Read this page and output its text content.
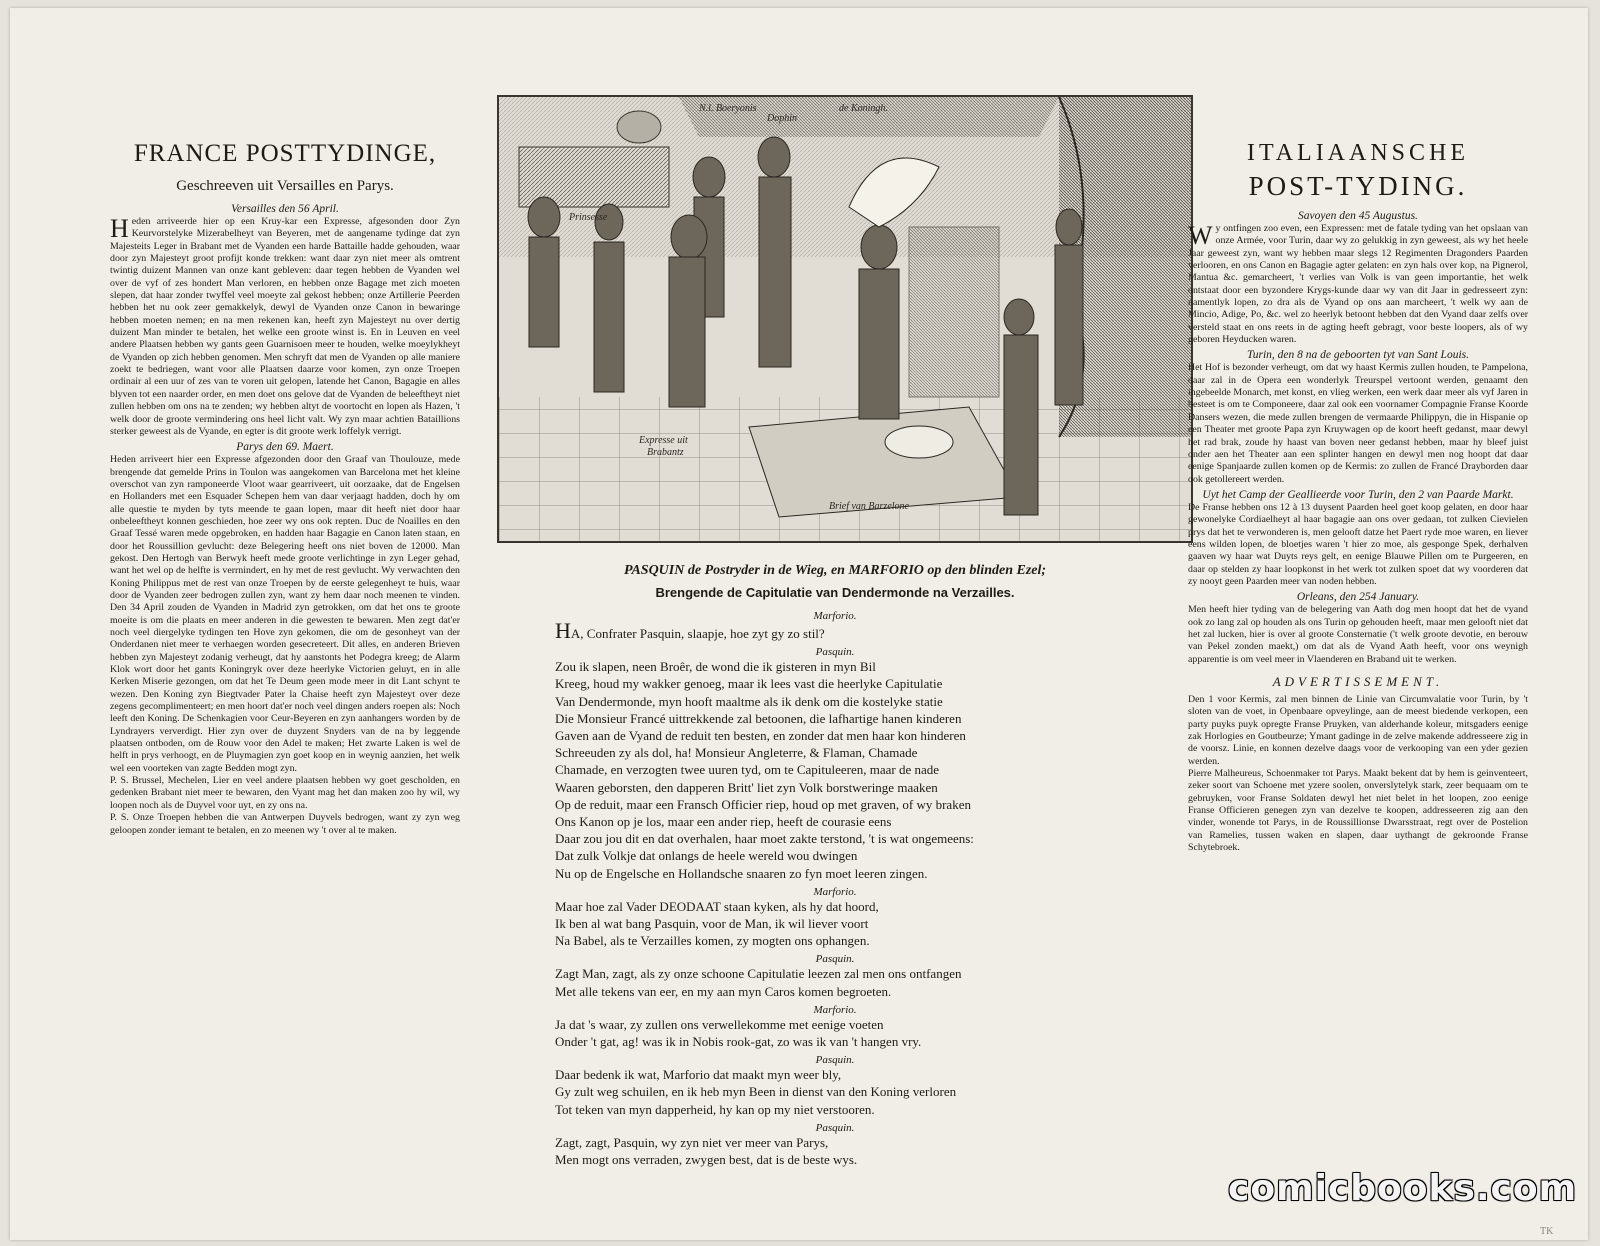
FRANCE POSTTYDINGE,
Geschreeven uit Versailles en Parys.
Versailles den 56 April.

Heden arriveerde hier op een Kruy-kar een Expresse, afgesonden door Zyn Keurvorstelyke Mizerabelheyt van Beyeren, met de aangename tydinge dat zyn Majesteits Leger in Brabant met de Vyanden een harde Battaille hadde gehouden, waar door zyn Majesteyt groot profijt konde trekken: want daar zyn niet meer als omtrent twintig duizent Mannen van onze kant gebleven: daar tegen hebben de Vyanden wel over de vyf of zes hondert Man verloren, en hebben onze Bagage met zich moeten slepen, dat haar zonder twyffel veel moeyte zal gekost hebben; onze Artillerie Peerden hebben het nu ook zeer gemakkelyk, dewyl de Vyanden onze Canon in bewaringe hebben moeten nemen; en na men rekenen kan, heeft zyn Majesteyt nu over dertig duizent Man minder te betalen, het welke een groote winst is. En in Leuven en veel andere Plaatsen hebben wy gants geen Guarnisoen meer te houden, welke moeylykheyt de Vyanden op zich hebben genomen. Men schryft dat men de Vyanden op alle maniere zoekt te bedriegen, want voor alle Plaatsen daarze voor komen, zyn onze Troepen ordinair al een uur of zes van te voren uit gelopen, latende het Canon, Bagagie en alles blyven tot een naarder order, en men doet ons gelove dat de Vyanden de beleeftheyt niet zullen hebben om ons na te zenden; wy hebben altyt de voortocht en lopen als Hazen, 't welk door de groote vermindering ons heel licht valt. Wy zyn maar achtien Bataillions sterker geweest als de Vyande, en egter is dit groote werk loffelyk verrigt.

Parys den 69. Maert.

Heden arriveert hier een Expresse afgezonden door den Graaf van Thoulouze, mede brengende dat gemelde Prins in Toulon was aangekomen van Barcelona met het kleine overschot van zyn ramponeerde Vloot waar gearriveert, uit oorzaake, dat de Engelsen en Hollanders met een Esquader Schepen hem van daar verjaagt hadden, doch hy om alle questie te myden by tyts meende te gaan lopen, maar dit heeft niet door haar onbeleeftheyt konnen geschieden, hoe zeer wy ons ook repten. Duc de Noailles en den Graaf Tessé waren mede opgebroken, en hadden haar Bagagie en Canon laten staan, en door het Roussillion gevlucht: deze Belegering heeft ons niet boven de 12000. Man gekost. Den Hertogh van Berwyk heeft mede groote verlichtinge in zyn Leger gehad, want het wel op de helfte is verrnindert, en hy met de rest gevlucht. Wy verwachten den Koning Philippus met de rest van onze Troepen by de eerste gelegenheyt te huis, waar door de Vyanden zeer bedrogen zullen zyn, want zy hem daar noch meenen te vinden. Den 34 April zouden de Vyanden in Madrid zyn getrokken, om dat het ons te groote moeite is om die plaats en meer anderen in die gewesten te bewaren. Men zegt dat'er noch veel diergelyke tydingen ten Hove zyn gekomen, die om de gesonheyt van der Onderdanen niet meer te verhaegen worden gesecreteert. Dit alles, en anderen Brieven hebben zyn Majesteyt zodanig verheugt, dat hy aanstonts het Podegra kreeg; de Alarm Klok wort door het gants Koningryk over deze heerlyke Victorien geluyt, en in alle Kerken Miserie gezongen, om dat het Te Deum geen mode meer in dit Lant schynt te wezen. Den Koning zyn Biegtvader Pater la Chaise heeft zyn Majesteyt over deze zegens gecomplimenteert; en men hoort dat'er noch veel dingen anders roepen als: Noch leeft den Koning. De Schenkagien voor Ceur-Beyeren en zyn aanhangers worden by de Lyndrayers ververdigt. Hier zyn over de duyzent Snyders van de na by leggende plaatsen ontboden, om de Rouw voor den Adel te maken; Het zwarte Laken is wel de helft in prys verhoogt, en de Pluymagien zyn goet koop en in weynig aanzien, het welk wel een voorteken van zagte Bedden mogt zyn.

P. S. Brussel, Mechelen, Lier en veel andere plaatsen hebben wy goet gescholden, en gedenken Brabant niet meer te bewaren, den Vyant mag het dan maken zoo hy wil, wy loopen noch als de Duyvel voor uyt, en zy ons na.

P. S. Onze Troepen hebben die van Antwerpen Duyvels bedrogen, want zy zyn weg geloopen zonder iemant te betalen, en zo meenen wy 't over al te maken.

N.l. Boeryonis
Dophin
de Koningh.
Prinsesse
Expresse uit
Brabantz
Brief van Barzelone
PASQUIN de Postryder in de Wieg, en MARFORIO op den blinden Ezel;
Brengende de Capitulatie van Dendermonde na Verzailles.
Marforio.

HA, Confrater Pasquin, slaapje, hoe zyt gy zo stil?

Pasquin.

Zou ik slapen, neen Broêr, de wond die ik gisteren in myn Bil

Kreeg, houd my wakker genoeg, maar ik lees vast die heerlyke Capitulatie

Van Dendermonde, myn hooft maaltme als ik denk om die kostelyke statie

Die Monsieur Francé uittrekkende zal betoonen, die lafhartige hanen kinderen

Gaven aan de Vyand de reduit ten besten, en zonder dat men haar kon hinderen

Schreeuden zy als dol, ha! Monsieur Angleterre, & Flaman, Chamade

Chamade, en verzogten twee uuren tyd, om te Capituleeren, maar de nade

Waaren geborsten, den dapperen Britt' liet zyn Volk borstweringe maaken

Op de reduit, maar een Fransch Officier riep, houd op met graven, of wy braken

Ons Kanon op je los, maar een ander riep, heeft de courasie eens

Daar zou jou dit en dat overhalen, haar moet zakte terstond, 't is wat ongemeens:

Dat zulk Volkje dat onlangs de heele wereld wou dwingen

Nu op de Engelsche en Hollandsche snaaren zo fyn moet leeren zingen.

Marforio.

Maar hoe zal Vader DEODAAT staan kyken, als hy dat hoord,

Ik ben al wat bang Pasquin, voor de Man, ik wil liever voort

Na Babel, als te Verzailles komen, zy mogten ons ophangen.

Pasquin.

Zagt Man, zagt, als zy onze schoone Capitulatie leezen zal men ons ontfangen

Met alle tekens van eer, en my aan myn Caros komen begroeten.

Marforio.

Ja dat 's waar, zy zullen ons verwellekomme met eenige voeten

Onder 't gat, ag! was ik in Nobis rook-gat, zo was ik van 't hangen vry.

Pasquin.

Daar bedenk ik wat, Marforio dat maakt myn weer bly,

Gy zult weg schuilen, en ik heb myn Been in dienst van den Koning verloren

Tot teken van myn dapperheid, hy kan op my niet verstooren.

Pasquin.

Zagt, zagt, Pasquin, wy zyn niet ver meer van Parys,

Men mogt ons verraden, zwygen best, dat is de beste wys.

ITALIAANSCHE
POST-TYDING.
Savoyen den 45 Augustus.

Wy ontfingen zoo even, een Expressen: met de fatale tyding van het opslaan van onze Armée, voor Turin, daar wy zo gelukkig in zyn geweest, als wy het heele Jaar geweest zyn, want wy hebben maar slegs 12 Regimenten Dragonders Paarden verlooren, en ons Canon en Bagagie agter gelaten: en zyn hals over kop, na Pignerol, Mantua &c. gemarcheert, 't verlies van Volk is van geen importantie, het welk ontstaat door een byzondere Krygs-kunde daar wy van dit Jaar in gedresseert zyn: namentlyk lopen, zo dra als de Vyand op ons aan marcheert, 't welk wy aan de Mincio, Adige, Po, &c. wel zo heerlyk betoont hebben dat den Vyand daar zelfs over versteld staat en ons reets in de agting heeft gebragt, voor beste loopers, als of wy geboren Heyducken waren.

Turin, den 8 na de geboorten tyt van Sant Louis.

Het Hof is bezonder verheugt, om dat wy haast Kermis zullen houden, te Pampelona, daar zal in de Opera een wonderlyk Treurspel vertoont werden, genaamt den ingebeelde Monarch, met konst, en vlieg werken, een werk daar meer als vyf Jaren in besteet is om te Componeere, daar zal ook een voornamer Compagnie Franse Koorde Dansers wezen, die mede zullen brengen de vermaarde Philippyn, die in Hispanie op een Theater met groote Papa zyn Kruywagen op de koort heeft gedanst, maar dewyl het rad brak, zoude hy haast van boven neer gedanst hebben, maar hy bleef juist onder aen het Theater aan een splinter hangen en dewyl men nog hoopt dat daar eenige Spanjaarde zullen komen op de Kermis: zo zullen de Francé Drayborden daar ook getollereert werden.

Uyt het Camp der Geallieerde voor Turin, den 2 van Paarde Markt.

De Franse hebben ons 12 à 13 duysent Paarden heel goet koop gelaten, en door haar gewonelyke Cordiaelheyt al haar bagagie aan ons over gedaan, tot zulken Cievielen prys dat het te verwonderen is, men gelooft datze het Paert ryde moe waren, en liever eens wilden lopen, de bloetjes waren 't hier zo moe, als gesponge Spek, derhalven gaaven wy haar wat Duyts reys gelt, en eenige Blauwe Pillen om te Purgeeren, en daar op stelden zy haar loopkonst in het werk tot zulken spoet dat wy voorderen dat zy nooyt geen Paarden meer van noden hebben.

Orleans, den 254 January.

Men heeft hier tyding van de belegering van Aath dog men hoopt dat het de vyand ook zo lang zal op houden als ons Turin op gehouden heeft, maar men gelooft niet dat het zal lucken, hier is over al groote Consternatie ('t welk groote devotie, en berouw van Pekel zonden maekt,) om dat als de Vyand Aath heeft, voor ons weynigh apparentie is om veel meer in Vlaenderen en Braband uit te werken.

ADVERTISSEMENT.

Den 1 voor Kermis, zal men binnen de Linie van Circumvalatie voor Turin, by 't sloten van de voet, in Openbaare opveylinge, aan de meest biedende verkopen, een party puyks puyk opregte Franse Pruyken, van alderhande koleur, mitsgaders eenige zak Horlogies en Goutbeurze; Ymant gadinge in de zelve makende addresseere zig in de voorsz. Linie, en konnen dezelve daags voor de verkooping van een yder gezien werden.

Pierre Malheureus, Schoenmaker tot Parys. Maakt bekent dat by hem is geinventeert, zeker soort van Schoene met yzere soolen, onverslytelyk stark, zeer bequaam om te gebruyken, voor Franse Soldaten dewyl het niet belet in het loopen, zoo eenige Franse Officieren genegen zyn van dezelve te koopen, addresseeren zig aan den vinder, wonende tot Parys, in de Roussillionse Dwarsstraat, regt over de Postelion van Ramelies, tussen waken en slapen, daar uythangt de gekroonde Franse Schytebroek.

comicbooks.com
TK
